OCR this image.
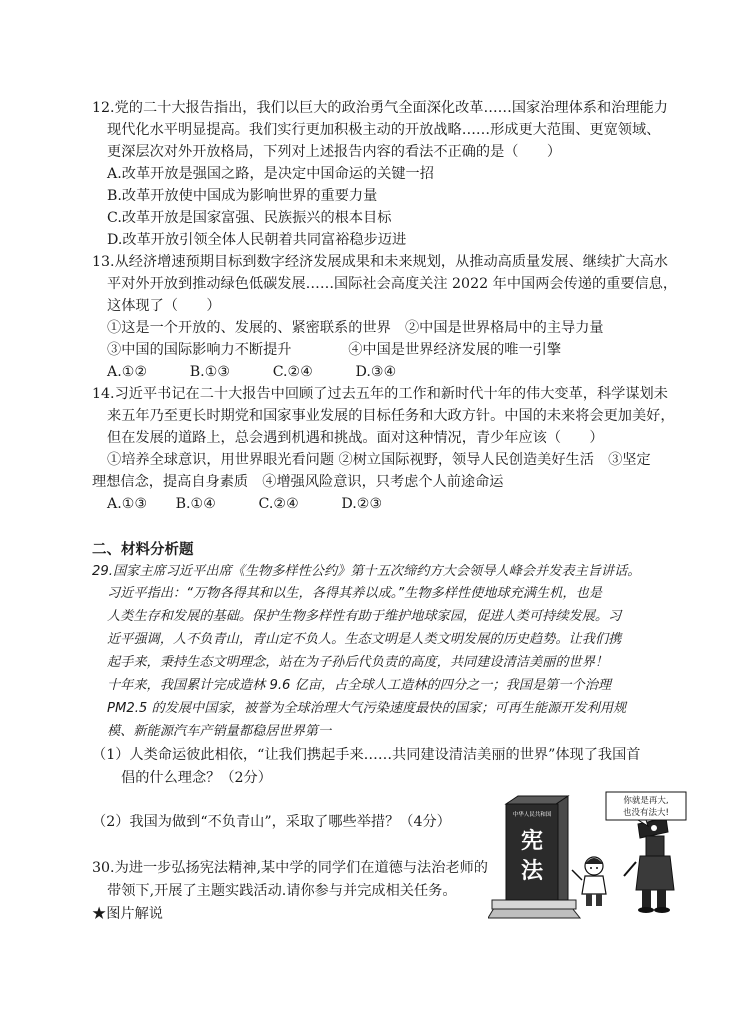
12.党的二十大报告指出，我们以巨大的政治勇气全面深化改革……国家治理体系和治理能力
现代化水平明显提高。我们实行更加积极主动的开放战略……形成更大范围、更宽领域、
更深层次对外开放格局，下列对上述报告内容的看法不正确的是（　　）
A.改革开放是强国之路，是决定中国命运的关键一招
B.改革开放使中国成为影响世界的重要力量
C.改革开放是国家富强、民族振兴的根本目标
D.改革开放引领全体人民朝着共同富裕稳步迈进
13.从经济增速预期目标到数字经济发展成果和未来规划，从推动高质量发展、继续扩大高水
平对外开放到推动绿色低碳发展……国际社会高度关注 2022 年中国两会传递的重要信息，
这体现了（　　）
①这是一个开放的、发展的、紧密联系的世界　②中国是世界格局中的主导力量
③中国的国际影响力不断提升　　　　④中国是世界经济发展的唯一引擎
A.①②　　　B.①③　　　C.②④　　　D.③④
14.习近平书记在二十大报告中回顾了过去五年的工作和新时代十年的伟大变革，科学谋划未
来五年乃至更长时期党和国家事业发展的目标任务和大政方针。中国的未来将会更加美好，
但在发展的道路上，总会遇到机遇和挑战。面对这种情况，青少年应该（　　）
①培养全球意识，用世界眼光看问题 ②树立国际视野，领导人民创造美好生活　③坚定
理想信念，提高自身素质　④增强风险意识，只考虑个人前途命运
A.①③　　B.①④　　　C.②④　　　D.②③
二、材料分析题
29.国家主席习近平出席《生物多样性公约》第十五次缔约方大会领导人峰会并发表主旨讲话。
习近平指出：“万物各得其和以生，各得其养以成。”生物多样性使地球充满生机，也是
人类生存和发展的基础。保护生物多样性有助于维护地球家园，促进人类可持续发展。习
近平强调，人不负青山，青山定不负人。生态文明是人类文明发展的历史趋势。让我们携
起手来，秉持生态文明理念，站在为子孙后代负责的高度，共同建设清洁美丽的世界！
十年来，我国累计完成造林 9.6 亿亩，占全球人工造林的四分之一；我国是第一个治理
PM2.5 的发展中国家，被誉为全球治理大气污染速度最快的国家；可再生能源开发利用规
模、新能源汽车产销量都稳居世界第一
（1）人类命运彼此相依，“让我们携起手来……共同建设清洁美丽的世界”体现了我国首
倡的什么理念？（2分）
（2）我国为做到“不负青山”，采取了哪些举措？（4分）
30.为进一步弘扬宪法精神,某中学的同学们在道德与法治老师的
带领下,开展了主题实践活动.请你参与并完成相关任务。
★图片解说
中华人民共和国
宪
法
你就是再大,
也没有法大!
